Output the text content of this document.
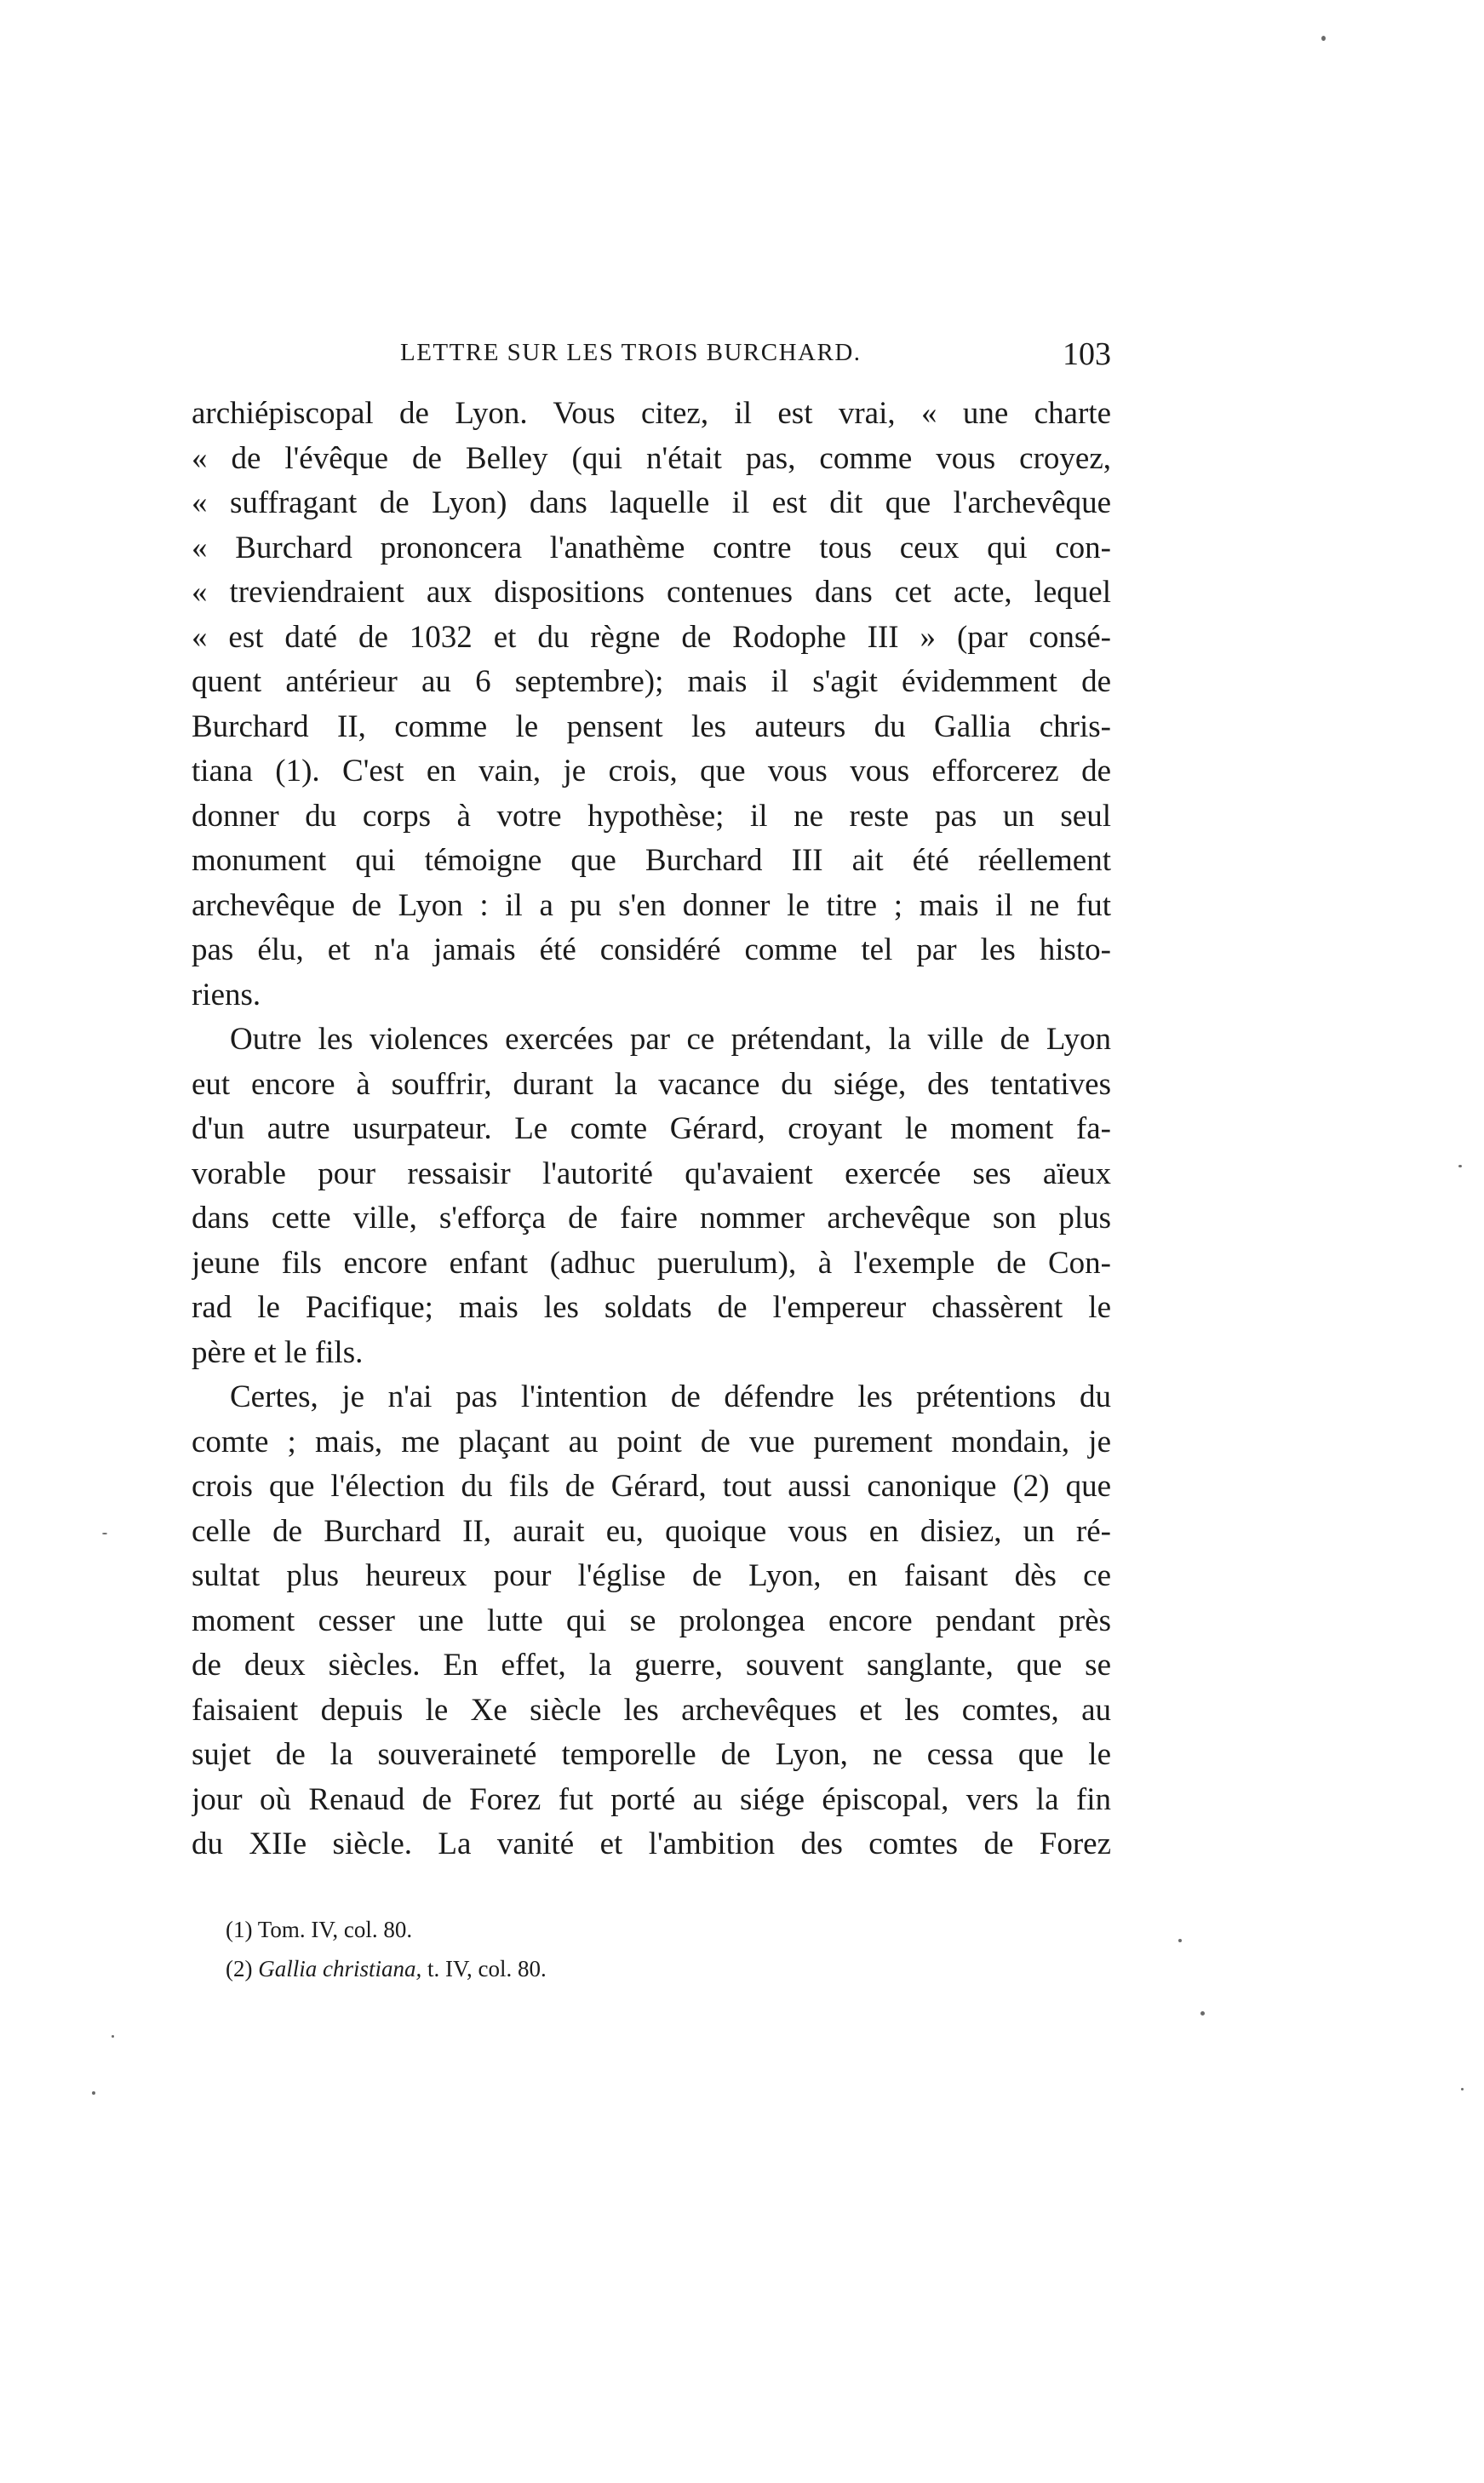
LETTRE SUR LES TROIS BURCHARD.	103
archiépiscopal de Lyon. Vous citez, il est vrai, « une charte
« de l'évêque de Belley (qui n'était pas, comme vous croyez,
« suffragant de Lyon) dans laquelle il est dit que l'archevêque
« Burchard prononcera l'anathème contre tous ceux qui con-
« treviendraient aux dispositions contenues dans cet acte, lequel
« est daté de 1032 et du règne de Rodophe III » (par consé-
quent antérieur au 6 septembre); mais il s'agit évidemment de
Burchard II, comme le pensent les auteurs du Gallia chris-
tiana (1). C'est en vain, je crois, que vous vous efforcerez de
donner du corps à votre hypothèse; il ne reste pas un seul
monument qui témoigne que Burchard III ait été réellement
archevêque de Lyon : il a pu s'en donner le titre ; mais il ne fut
pas élu, et n'a jamais été considéré comme tel par les histo-
riens.
Outre les violences exercées par ce prétendant, la ville de Lyon
eut encore à souffrir, durant la vacance du siége, des tentatives
d'un autre usurpateur. Le comte Gérard, croyant le moment fa-
vorable pour ressaisir l'autorité qu'avaient exercée ses aïeux
dans cette ville, s'efforça de faire nommer archevêque son plus
jeune fils encore enfant (adhuc puerulum), à l'exemple de Con-
rad le Pacifique; mais les soldats de l'empereur chassèrent le
père et le fils.
Certes, je n'ai pas l'intention de défendre les prétentions du
comte ; mais, me plaçant au point de vue purement mondain, je
crois que l'élection du fils de Gérard, tout aussi canonique (2) que
celle de Burchard II, aurait eu, quoique vous en disiez, un ré-
sultat plus heureux pour l'église de Lyon, en faisant dès ce
moment cesser une lutte qui se prolongea encore pendant près
de deux siècles. En effet, la guerre, souvent sanglante, que se
faisaient depuis le Xe siècle les archevêques et les comtes, au
sujet de la souveraineté temporelle de Lyon, ne cessa que le
jour où Renaud de Forez fut porté au siége épiscopal, vers la fin
du XIIe siècle. La vanité et l'ambition des comtes de Forez
(1) Tom. IV, col. 80.
(2) Gallia christiana, t. IV, col. 80.
